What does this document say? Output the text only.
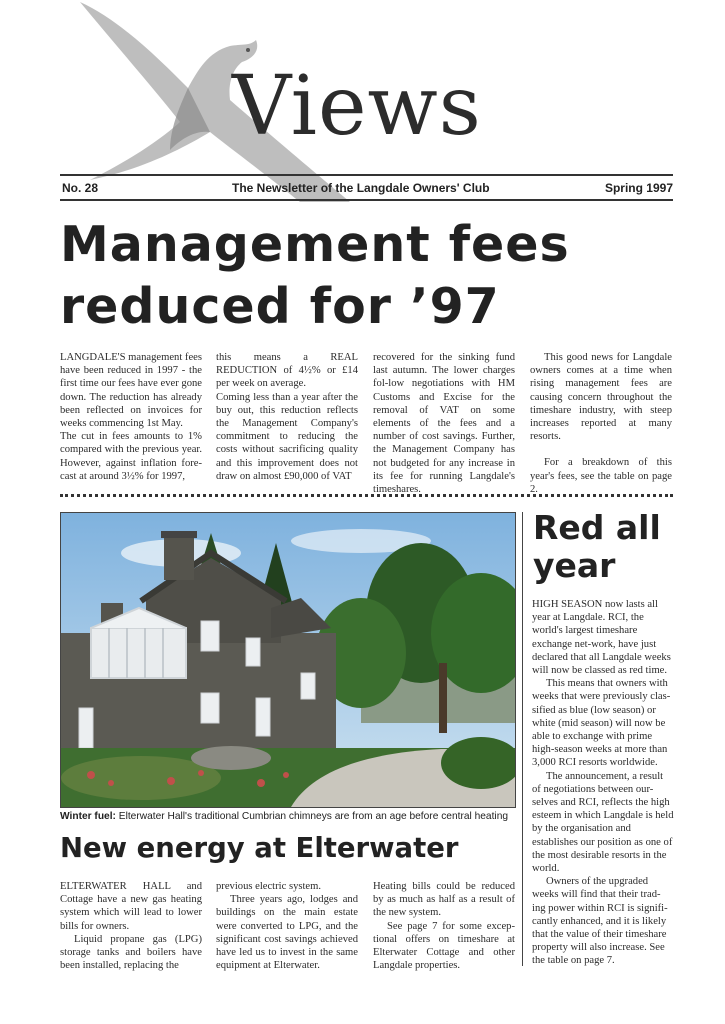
Views
No. 28	The Newsletter of the Langdale Owners' Club	Spring 1997
Management fees
reduced for ’97

LANGDALE'S management fees have been reduced in 1997 - the first time our fees have ever gone down. The reduction has already been reflected on invoices for weeks commencing 1st May.

The cut in fees amounts to 1% compared with the previous year. However, against inflation fore-cast at around 3½% for 1997,

this means a REAL REDUCTION of 4½% or £14 per week on average.

Coming less than a year after the buy out, this reduction reflects the Management Company's commitment to reducing the costs without sacrificing quality and this improvement does not draw on almost £90,000 of VAT

recovered for the sinking fund last autumn. The lower charges fol-low negotiations with HM Customs and Excise for the removal of VAT on some elements of the fees and a number of cost savings. Further, the Management Company has not budgeted for any increase in its fee for running Langdale's timeshares.

This good news for Langdale owners comes at a time when rising management fees are causing concern throughout the timeshare industry, with steep increases reported at many resorts.

For a breakdown of this year's fees, see the table on page 2.

Winter fuel: Elterwater Hall's traditional Cumbrian chimneys are from an age before central heating
Red all year

HIGH SEASON now lasts all year at Langdale. RCI, the world's largest timeshare exchange net-work, have just declared that all Langdale weeks will now be classed as red time.

This means that owners with weeks that were previously clas-sified as blue (low season) or white (mid season) will now be able to exchange with prime high-season weeks at more than 3,000 RCI resorts worldwide.

The announcement, a result of negotiations between our-selves and RCI, reflects the high esteem in which Langdale is held by the organisation and establishes our position as one of the most desirable resorts in the world.

Owners of the upgraded weeks will find that their trad-ing power within RCI is signifi-cantly enhanced, and it is likely that the value of their timeshare property will also increase. See the table on page 7.

New energy at Elterwater

ELTERWATER HALL and Cottage have a new gas heating system which will lead to lower bills for owners.

Liquid propane gas (LPG) storage tanks and boilers have been installed, replacing the

previous electric system.

Three years ago, lodges and buildings on the main estate were converted to LPG, and the significant cost savings achieved have led us to invest in the same equipment at Elterwater.

Heating bills could be reduced by as much as half as a result of the new system.

See page 7 for some excep-tional offers on timeshare at Elterwater Cottage and other Langdale properties.
